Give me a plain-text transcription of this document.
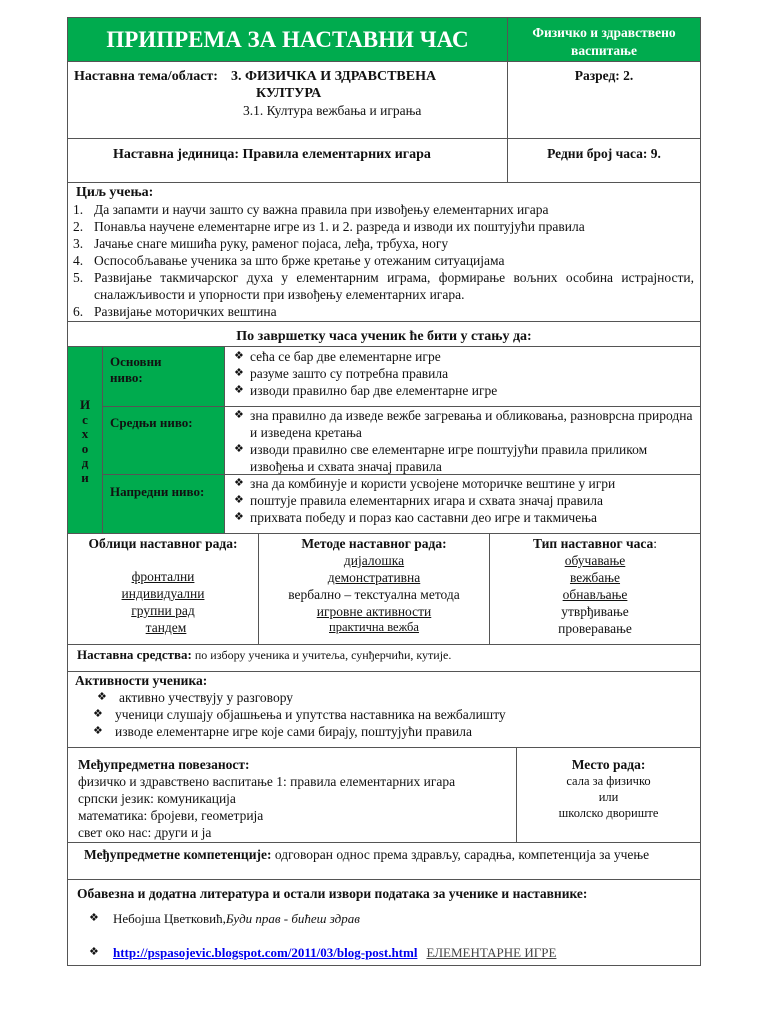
ПРИПРЕМА ЗА НАСТАВНИ ЧАС	Физичко и здравствено васпитање
Наставна тема/област: 3. ФИЗИЧКА И ЗДРАВСТВЕНА
КУЛТУРА
3.1. Култура вежбања и играња
Разред: 2.
Наставна јединица: Правила елементарних игара	Редни број часа: 9.
Циљ учења:
1. Да запамти и научи зашто су важна правила при извођењу елементарних игара
2. Понавља научене елементарне игре из 1. и 2. разреда и изводи их поштујући правила
3. Јачање снаге мишића руку, раменог појаса, леђа, трбуха, ногу
4. Оспособљавање ученика за што брже кретање у отежаним ситуацијама
5. Развијање такмичарског духа у елементарним играма, формирање вољних особина истрајности, сналажљивости и упорности при извођењу елементарних игара.
6. Развијање моторичких вештина
По завршетку часа ученик ће бити у стању да:
И
с
х
о
д
и
Основни ниво:
❖ сећа се бар две елементарне игре
❖ разуме зашто су потребна правила
❖ изводи правилно бар две елементарне игре
Средњи ниво:	❖ зна правилно да изведе вежбе загревања и обликовања, разноврсна природна и изведена кретања
❖ изводи правилно све елементарне игре поштујући правила приликом извођења и схвата значај правила
Напредни ниво:
❖ зна да комбинује и користи усвојене моторичке вештине у игри
❖ поштује правила елементарних игара и схвата значај правила
❖ прихвата победу и пораз као саставни део игре и такмичења
Облици наставног рада:
фронтални
индивидуални
групни рад
тандем
Методе наставног рада:
дијалошка
демонстративна
вербално – текстуална метода
игровне активности
практична вежба
Тип наставног часа:
обучавање
вежбање
обнављање
утврђивање
проверавање
Наставна средства: по избору ученика и учитеља, сунђерчићи, кутије.
Активности ученика:
❖ активно учествују у разговору
❖ ученици слушају објашњења и упутства наставника на вежбалишту
❖ изводе елементарне игре које сами бирају, поштујући правила
Међупредметна повезаност:
физичко и здравствено васпитање 1: правила елементарних игара
српски језик: комуникација
математика: бројеви, геометрија
свет око нас: други и ја
Место рада:
сала за физичко
или
школско двориште
Међупредметне компетенције: одговоран однос према здрављу, сарадња, компетенција за учење
Обавезна и додатна литература и остали извори података за ученике и наставнике:
❖	Небојша Цветковић, Буди прав - бићеш здрав
❖	http://pspasojevic.blogspot.com/2011/03/blog-post.html ЕЛЕМЕНТАРНЕ ИГРЕ
